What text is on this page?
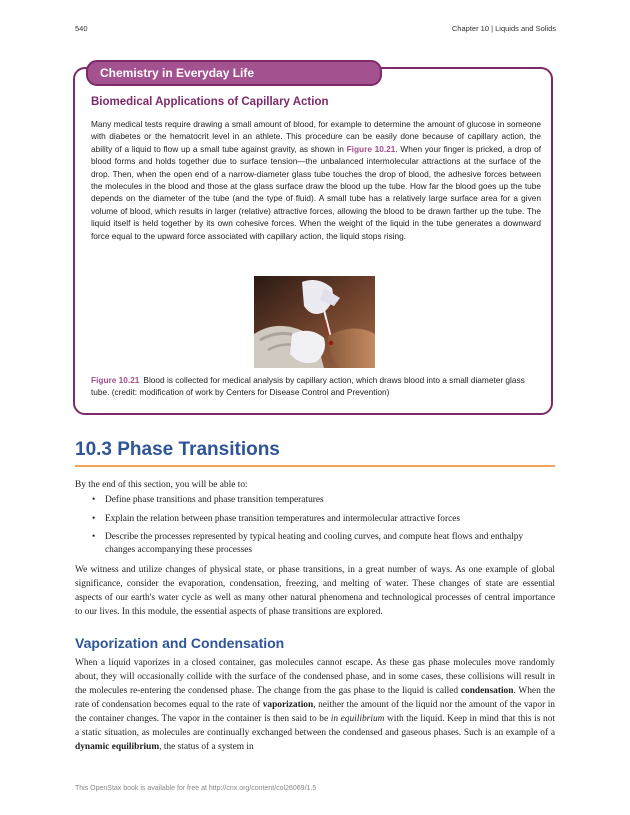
540	Chapter 10 | Liquids and Solids
Chemistry in Everyday Life
Biomedical Applications of Capillary Action

Many medical tests require drawing a small amount of blood, for example to determine the amount of glucose in someone with diabetes or the hematocrit level in an athlete. This procedure can be easily done because of capillary action, the ability of a liquid to flow up a small tube against gravity, as shown in Figure 10.21. When your finger is pricked, a drop of blood forms and holds together due to surface tension—the unbalanced intermolecular attractions at the surface of the drop. Then, when the open end of a narrow-diameter glass tube touches the drop of blood, the adhesive forces between the molecules in the blood and those at the glass surface draw the blood up the tube. How far the blood goes up the tube depends on the diameter of the tube (and the type of fluid). A small tube has a relatively large surface area for a given volume of blood, which results in larger (relative) attractive forces, allowing the blood to be drawn farther up the tube. The liquid itself is held together by its own cohesive forces. When the weight of the liquid in the tube generates a downward force equal to the upward force associated with capillary action, the liquid stops rising.

Figure 10.21 Blood is collected for medical analysis by capillary action, which draws blood into a small diameter glass tube. (credit: modification of work by Centers for Disease Control and Prevention)

10.3 Phase Transitions

By the end of this section, you will be able to:

• Define phase transitions and phase transition temperatures
• Explain the relation between phase transition temperatures and intermolecular attractive forces
• Describe the processes represented by typical heating and cooling curves, and compute heat flows and enthalpy changes accompanying these processes

We witness and utilize changes of physical state, or phase transitions, in a great number of ways. As one example of global significance, consider the evaporation, condensation, freezing, and melting of water. These changes of state are essential aspects of our earth's water cycle as well as many other natural phenomena and technological processes of central importance to our lives. In this module, the essential aspects of phase transitions are explored.

Vaporization and Condensation

When a liquid vaporizes in a closed container, gas molecules cannot escape. As these gas phase molecules move randomly about, they will occasionally collide with the surface of the condensed phase, and in some cases, these collisions will result in the molecules re-entering the condensed phase. The change from the gas phase to the liquid is called condensation. When the rate of condensation becomes equal to the rate of vaporization, neither the amount of the liquid nor the amount of the vapor in the container changes. The vapor in the container is then said to be in equilibrium with the liquid. Keep in mind that this is not a static situation, as molecules are continually exchanged between the condensed and gaseous phases. Such is an example of a dynamic equilibrium, the status of a system in

This OpenStax book is available for free at http://cnx.org/content/col26069/1.5
